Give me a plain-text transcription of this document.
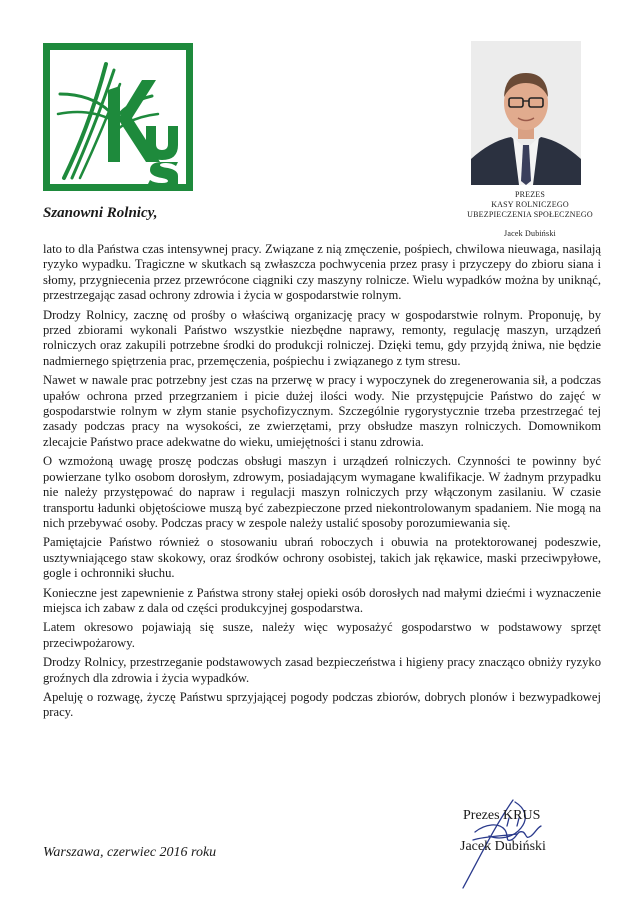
PREZES
KASY ROLNICZEGO
UBEZPIECZENIA SPOŁECZNEGO
Jacek Dubiński
Szanowni Rolnicy,

lato to dla Państwa czas intensywnej pracy. Związane z nią zmęczenie, pośpiech, chwilowa nieuwaga, nasilają ryzyko wypadku. Tragiczne w skutkach są zwłaszcza pochwycenia przez prasy i przyczepy do zbioru siana i słomy, przygniecenia przez przewrócone ciągniki czy maszyny rolnicze. Wielu wypadków można by uniknąć, przestrzegając zasad ochrony zdrowia i życia w gospodarstwie rolnym.

Drodzy Rolnicy, zacznę od prośby o właściwą organizację pracy w gospodarstwie rolnym. Proponuję, by przed zbiorami wykonali Państwo wszystkie niezbędne naprawy, remonty, regulację maszyn, urządzeń rolniczych oraz zakupili potrzebne środki do produkcji rolniczej. Dzięki temu, gdy przyjdą żniwa, nie będzie nadmiernego spiętrzenia prac, przemęczenia, pośpiechu i związanego z tym stresu.

Nawet w nawale prac potrzebny jest czas na przerwę w pracy i wypoczynek do zregenerowania sił, a podczas upałów ochrona przed przegrzaniem i picie dużej ilości wody. Nie przystępujcie Państwo do zajęć w gospodarstwie rolnym w złym stanie psychofizycznym. Szczególnie rygorystycznie trzeba przestrzegać tej zasady podczas pracy na wysokości, ze zwierzętami, przy obsłudze maszyn rolniczych. Domownikom zlecajcie Państwo prace adekwatne do wieku, umiejętności i stanu zdrowia.

O wzmożoną uwagę proszę podczas obsługi maszyn i urządzeń rolniczych. Czynności te powinny być powierzane tylko osobom dorosłym, zdrowym, posiadającym wymagane kwalifikacje. W żadnym przypadku nie należy przystępować do napraw i regulacji maszyn rolniczych przy włączonym zasilaniu. W czasie transportu ładunki objętościowe muszą być zabezpieczone przed niekontrolowanym spadaniem. Nie mogą na nich przebywać osoby. Podczas pracy w zespole należy ustalić sposoby porozumiewania się.

Pamiętajcie Państwo również o stosowaniu ubrań roboczych i obuwia na protektorowanej podeszwie, usztywniającego staw skokowy, oraz środków ochrony osobistej, takich jak rękawice, maski przeciwpyłowe, gogle i ochronniki słuchu.

Konieczne jest zapewnienie z Państwa strony stałej opieki osób dorosłych nad małymi dziećmi i wyznaczenie miejsca ich zabaw z dala od części produkcyjnej gospodarstwa.

Latem okresowo pojawiają się susze, należy więc wyposażyć gospodarstwo w podstawowy sprzęt przeciwpożarowy.

Drodzy Rolnicy, przestrzeganie podstawowych zasad bezpieczeństwa i higieny pracy znacząco obniży ryzyko groźnych dla zdrowia i życia wypadków.

Apeluję o rozwagę, życzę Państwu sprzyjającej pogody podczas zbiorów, dobrych plonów i bezwypadkowej pracy.

Prezes KRUS
Jacek Dubiński
Warszawa, czerwiec 2016 roku
